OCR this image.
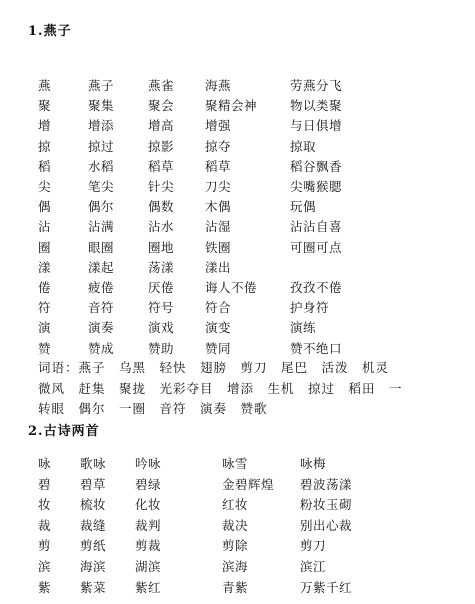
1.燕子
燕	燕子	燕雀 海燕	劳燕分飞
聚	聚集	聚会 聚精会神	物以类聚
增	增添	增高 增强	与日俱增
掠	掠过	掠影 掠夺	掠取
稻	水稻	稻草 稻草	稻谷飘香
尖	笔尖	针尖 刀尖	尖嘴猴腮
偶	偶尔	偶数 木偶	玩偶
沾	沾满	沾水 沾湿	沾沾自喜
圈	眼圈	圈地 铁圈	可圈可点
漾	漾起	荡漾 漾出
倦	疲倦	厌倦 诲人不倦	孜孜不倦
符	音符	符号 符合	护身符
演	演奏	演戏 演变	演练
赞	赞成	赞助 赞同	赞不绝口
词语：燕子　乌黑　轻快　翅膀　剪刀　尾巴　活泼　机灵
微风　赶集　聚拢　光彩夺目　增添　生机　掠过　稻田　一
转眼　偶尔　一圈　音符　演奏　赞歌
2.古诗两首
咏 歌咏 吟咏	咏雪	咏梅
碧 碧草 碧绿	金碧辉煌 碧波荡漾
妆 梳妆 化妆	红妆	粉妆玉砌
裁 裁缝 裁判	裁决	别出心裁
剪 剪纸 剪裁	剪除	剪刀
滨 海滨 湖滨	滨海	滨江
紫 紫菜 紫红	青紫	万紫千红
